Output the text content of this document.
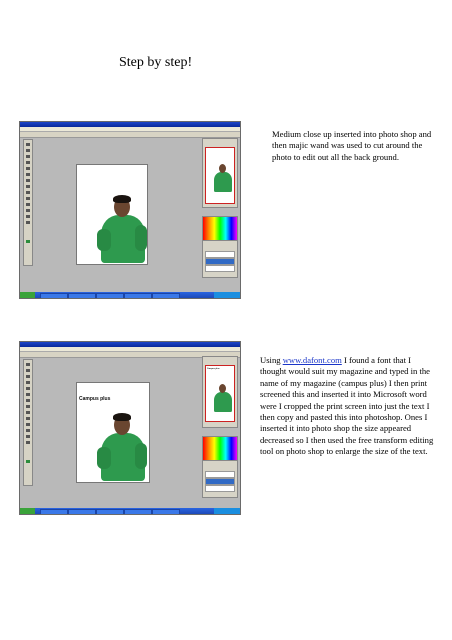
Step by step!
Medium close up inserted into photo shop and then majic wand was used to cut around the photo to edit out all the back ground.
Campus plus
Campus plus
Using www.dafont.com I found a font that I thought would suit my magazine and typed in the name of my magazine (campus plus) I then print screened this and inserted it into Microsoft word were I cropped the print screen into just the text I then copy and pasted this into photoshop. Ones I inserted it into photo shop the size appeared decreased so I then used the free transform editing tool on photo shop to enlarge the size of the text.
